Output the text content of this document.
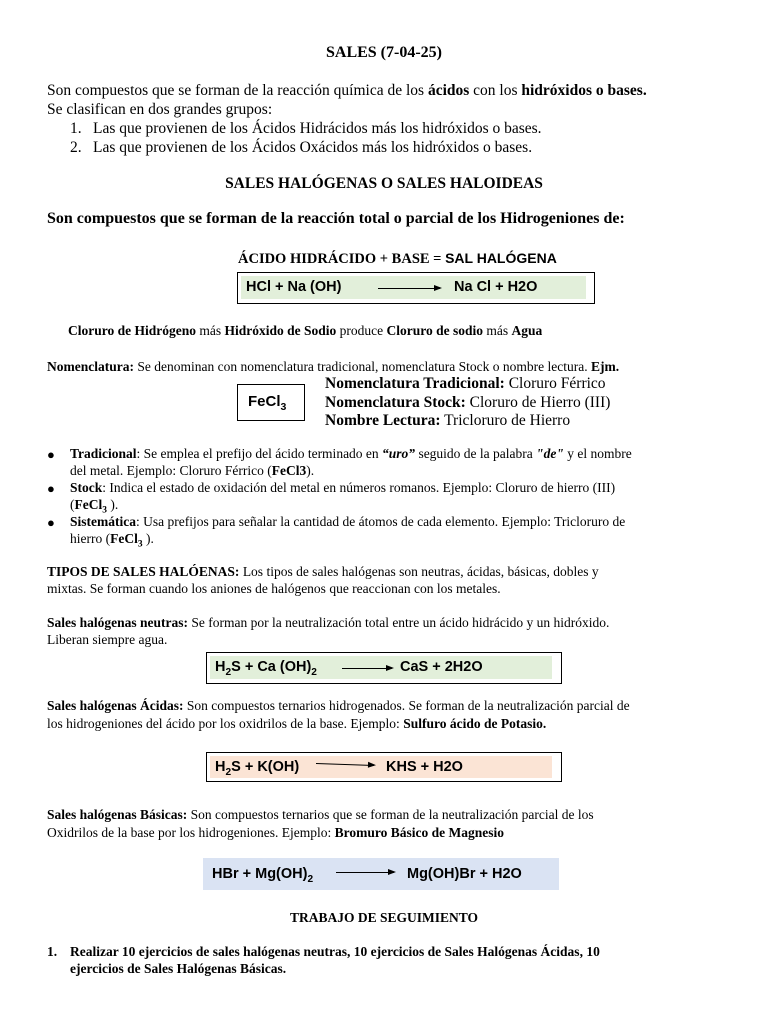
SALES (7-04-25)
Son compuestos que se forman de la reacción química de los ácidos con los hidróxidos o bases.
Se clasifican en dos grandes grupos:
1. Las que provienen de los Ácidos Hidrácidos más los hidróxidos o bases.
2. Las que provienen de los Ácidos Oxácidos más los hidróxidos o bases.
SALES HALÓGENAS O SALES HALOIDEAS
Son compuestos que se forman de la reacción total o parcial de los Hidrogeniones de:
ÁCIDO HIDRÁCIDO + BASE = SAL HALÓGENA
HCl + Na (OH)	Na Cl + H2O
Cloruro de Hidrógeno más Hidróxido de Sodio produce Cloruro de sodio más Agua
Nomenclatura: Se denominan con nomenclatura tradicional, nomenclatura Stock o nombre lectura. Ejm.
FeCl$_3$
Nomenclatura Tradicional: Cloruro Férrico
Nomenclatura Stock: Cloruro de Hierro (III)
Nombre Lectura: Tricloruro de Hierro
● Tradicional: Se emplea el prefijo del ácido terminado en “uro” seguido de la palabra "de" y el nombre
del metal. Ejemplo: Cloruro Férrico (FeCl3).
● Stock: Indica el estado de oxidación del metal en números romanos. Ejemplo: Cloruro de hierro (III)
(FeCl$_3$ ).
● Sistemática: Usa prefijos para señalar la cantidad de átomos de cada elemento. Ejemplo: Tricloruro de
hierro (FeCl$_3$ ).
TIPOS DE SALES HALÓENAS: Los tipos de sales halógenas son neutras, ácidas, básicas, dobles y
mixtas. Se forman cuando los aniones de halógenos que reaccionan con los metales.
Sales halógenas neutras: Se forman por la neutralización total entre un ácido hidrácido y un hidróxido.
Liberan siempre agua.
$H_2S + Ca$ $(OH)_2$	CaS + 2H2O
Sales halógenas Ácidas: Son compuestos ternarios hidrogenados. Se forman de la neutralización parcial de
los hidrogeniones del ácido por los oxidrilos de la base. Ejemplo: Sulfuro ácido de Potasio.
$H_2S + K(OH)$	KHS + H2O
Sales halógenas Básicas: Son compuestos ternarios que se forman de la neutralización parcial de los
Oxidrilos de la base por los hidrogeniones. Ejemplo: Bromuro Básico de Magnesio
HBr + $Mg(OH)_2$	Mg(OH)Br + H2O
TRABAJO DE SEGUIMIENTO
1. Realizar 10 ejercicios de sales halógenas neutras, 10 ejercicios de Sales Halógenas Ácidas, 10
ejercicios de Sales Halógenas Básicas.
